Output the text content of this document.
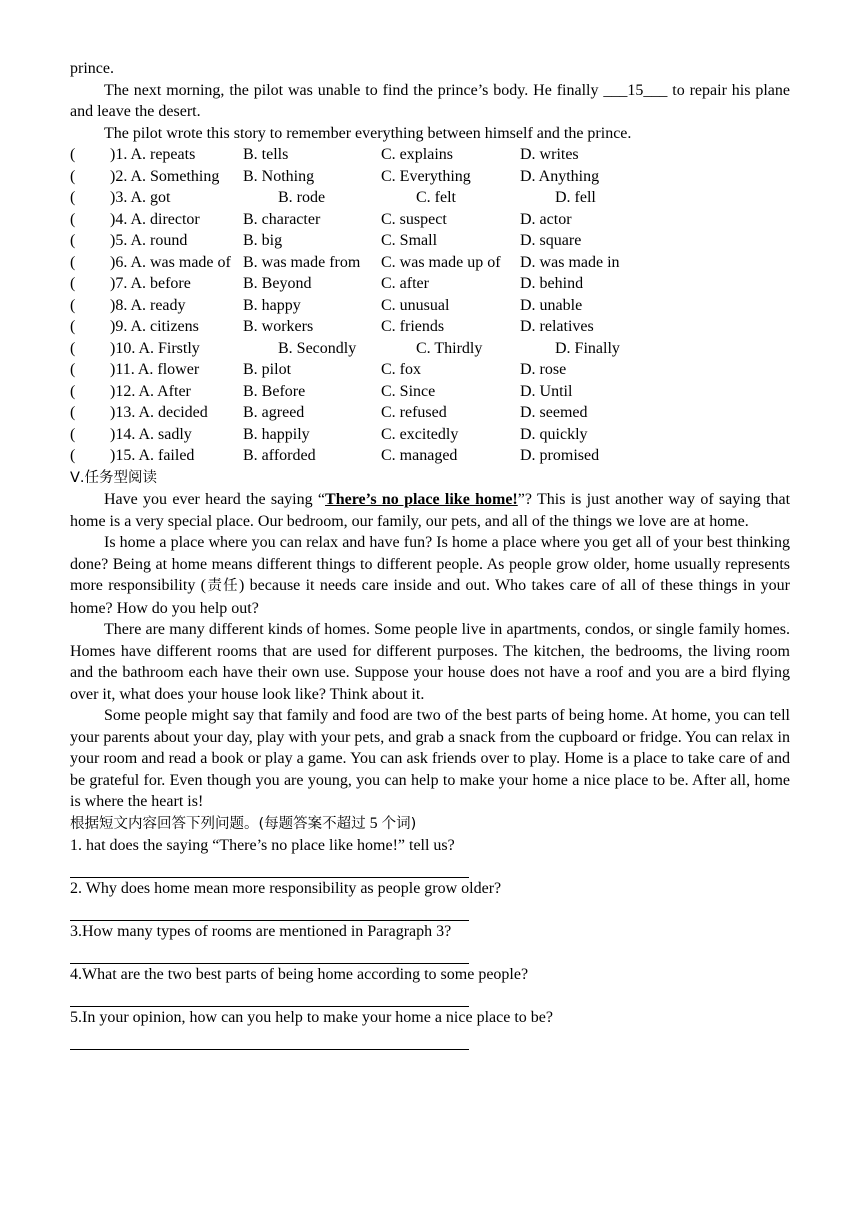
prince.

The next morning, the pilot was unable to find the prince’s body. He finally ___15___ to repair his plane and leave the desert.

The pilot wrote this story to remember everything between himself and the prince.

( )1. A. repeats	B. tells	C. explains	D. writes
( )2. A. Something B. Nothing	C. Everything	D. Anything
( )3. A. got	B. rode	C. felt	D. fell
( )4. A. director	B. character	C. suspect	D. actor
( )5. A. round	B. big	C. Small	D. square
( )6. A. was made of B. was made from C. was made up of D. was made in
( )7. A. before	B. Beyond	C. after	D. behind
( )8. A. ready	B. happy	C. unusual	D. unable
( )9. A. citizens	B. workers	C. friends	D. relatives
( )10. A. Firstly	B. Secondly	C. Thirdly	D. Finally
( )11. A. flower	B. pilot	C. fox	D. rose
( )12. A. After	B. Before	C. Since	D. Until
( )13. A. decided B. agreed	C. refused	D. seemed
( )14. A. sadly	B. happily	C. excitedly	D. quickly
( )15. A. failed	B. afforded	C. managed	D. promised

Ⅴ.任务型阅读

Have you ever heard the saying “There’s no place like home!”? This is just another way of saying that home is a very special place. Our bedroom, our family, our pets, and all of the things we love are at home.

Is home a place where you can relax and have fun? Is home a place where you get all of your best thinking done? Being at home means different things to different people. As people grow older, home usually represents more responsibility (责任) because it needs care inside and out. Who takes care of all of these things in your home? How do you help out?

There are many different kinds of homes. Some people live in apartments, condos, or single family homes. Homes have different rooms that are used for different purposes. The kitchen, the bedrooms, the living room and the bathroom each have their own use. Suppose your house does not have a roof and you are a bird flying over it, what does your house look like? Think about it.

Some people might say that family and food are two of the best parts of being home. At home, you can tell your parents about your day, play with your pets, and grab a snack from the cupboard or fridge. You can relax in your room and read a book or play a game. You can ask friends over to play. Home is a place to take care of and be grateful for. Even though you are young, you can help to make your home a nice place to be. After all, home is where the heart is!

根据短文内容回答下列问题。(每题答案不超过 5 个词)

1. hat does the saying “There’s no place like home!” tell us?

2. Why does home mean more responsibility as people grow older?

3.How many types of rooms are mentioned in Paragraph 3?

4.What are the two best parts of being home according to some people?

5.In your opinion, how can you help to make your home a nice place to be?
